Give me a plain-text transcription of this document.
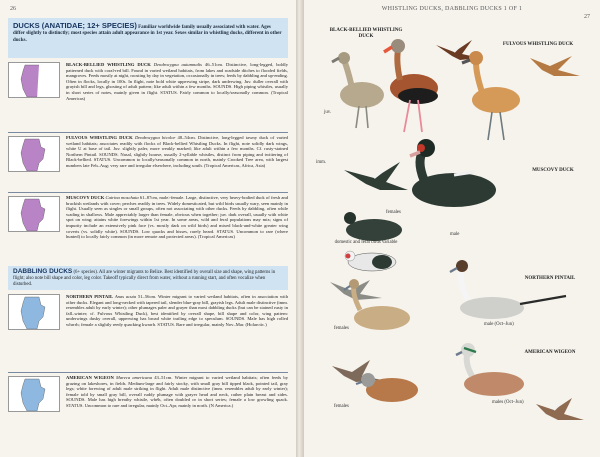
26
DUCKS (ANATIDAE; 12+ SPECIES) Familiar worldwide family usually associated with water. Ages differ slightly to distinctly; most species attain adult appearance in 1st year. Sexes similar in whistling ducks, different in other ducks.
BLACK-BELLIED WHISTLING DUCK Dendrocygna autumnalis 46–51cm. Distinctive, long-legged, boldly patterned duck with coral-red bill. Found in varied wetland habitats, from lakes and roadside ditches to flooded fields, mangroves. Feeds mostly at night, roosting by day in vegetation, occasionally in trees; feeds by dabbling and up-ending. Often in flocks, locally in 100s. In flight, note bold white upperwing stripe, dark underwing. Juv. duller overall with grayish bill and legs, ghosting of adult pattern; like adult within a few months. SOUNDS. High piping whistles, usually in short series of notes, mainly given in flight. STATUS. Fairly common to locally/seasonally common. (Tropical Americas)
FULVOUS WHISTLING DUCK Dendrocygna bicolor 48–54cm. Distinctive, long-legged tawny duck of varied wetland habitats; associates readily with flocks of Black-bellied Whistling Ducks. In flight, note solidly dark wings, white U at base of tail. Juv. slightly paler, more weakly marked; like adult within a few months. Cf. rusty-stained Northern Pintail. SOUNDS. Nasal, slightly hoarse, usually 2-syllable whistles, distinct from piping and twittering of Black-bellied. STATUS. Uncommon to locally/seasonally common in north, mainly Crooked Tree area, with largest numbers late Feb–Aug; very rare and irregular elsewhere, including south. (Tropical Americas, Africa, Asia)
MUSCOVY DUCK Cairina moschata 61–87cm, male>female. Large, distinctive, very heavy-bodied duck of fresh and brackish wetlands with cover; perches readily in trees. Widely domesticated, but wild birds usually wary, seen mainly in flight. Usually seen as singles or small groups, often not associating with other ducks. Feeds by dabbling, often while wading in shallows. Male appreciably larger than female, obvious when together; juv. dark overall, usually with white spot on wing; attains white forewings within 1st year. In some areas, wild and feral populations may mix; signs of impurity include an extensively pink face (vs. mostly dark on wild birds) and mixed black-and-white greater wing coverts (vs. solidly white). SOUNDS. Low quacks and hisses, rarely heard. STATUS. Uncommon to rare (where hunted) to locally fairly common (in more remote and protected areas). (Tropical Americas)
DABBLING DUCKS (6+ species). All are winter migrants to Belize. Best identified by overall size and shape, wing patterns in flight; also note bill shape and color, leg color. Takeoff typically direct from water, without a running start, and often vocalize when disturbed.
NORTHERN PINTAIL Anas acuta 51–56cm. Winter migrant to varied wetland habitats, often in association with other ducks. Elegant and long-necked with tapered tail, slender blue-gray bill, grayish legs. Adult male distinctive (imm. resembles adult by early winter); other plumages paler and grayer than most dabbling ducks (but can be stained rusty in fall–winter; cf. Fulvous Whistling Duck), best identified by overall shape, bill shape and color, wing pattern: underwings dusky overall, upperwing has broad white trailing edge to speculum. SOUNDS. Male has high rolled whrrrh; female a slightly reedy quacking kwarrh. STATUS. Rare and irregular, mainly Nov–Mar. (Holarctic.)
AMERICAN WIGEON Mareca americana 43–51cm. Winter migrant to varied wetland habitats; often feeds by grazing on lakeshores, in fields. Medium-large and fairly stocky, with small gray bill tipped black, pointed tail, gray legs; white forewing of adult male striking in flight. Adult male distinctive (imm. resembles adult by early winter); female told by small gray bill, overall ruddy plumage with grayer head and neck, rather plain breast and sides. SOUNDS. Male has high breathy whistle, whéh, often doubled or in short series; female a low growling quack. STATUS. Uncommon to rare and irregular, mainly Oct–Apr, mainly in north. (N America.)
WHISTLING DUCKS, DABBLING DUCKS 1 OF 1
27
BLACK-BELLIED WHISTLING DUCK
juv.
FULVOUS WHISTLING DUCK
imm.
MUSCOVY DUCK
females
domestic and feral birds variable
male
NORTHERN PINTAIL
females
male (Oct–Jun)
AMERICAN WIGEON
females
males (Oct–Jun)
